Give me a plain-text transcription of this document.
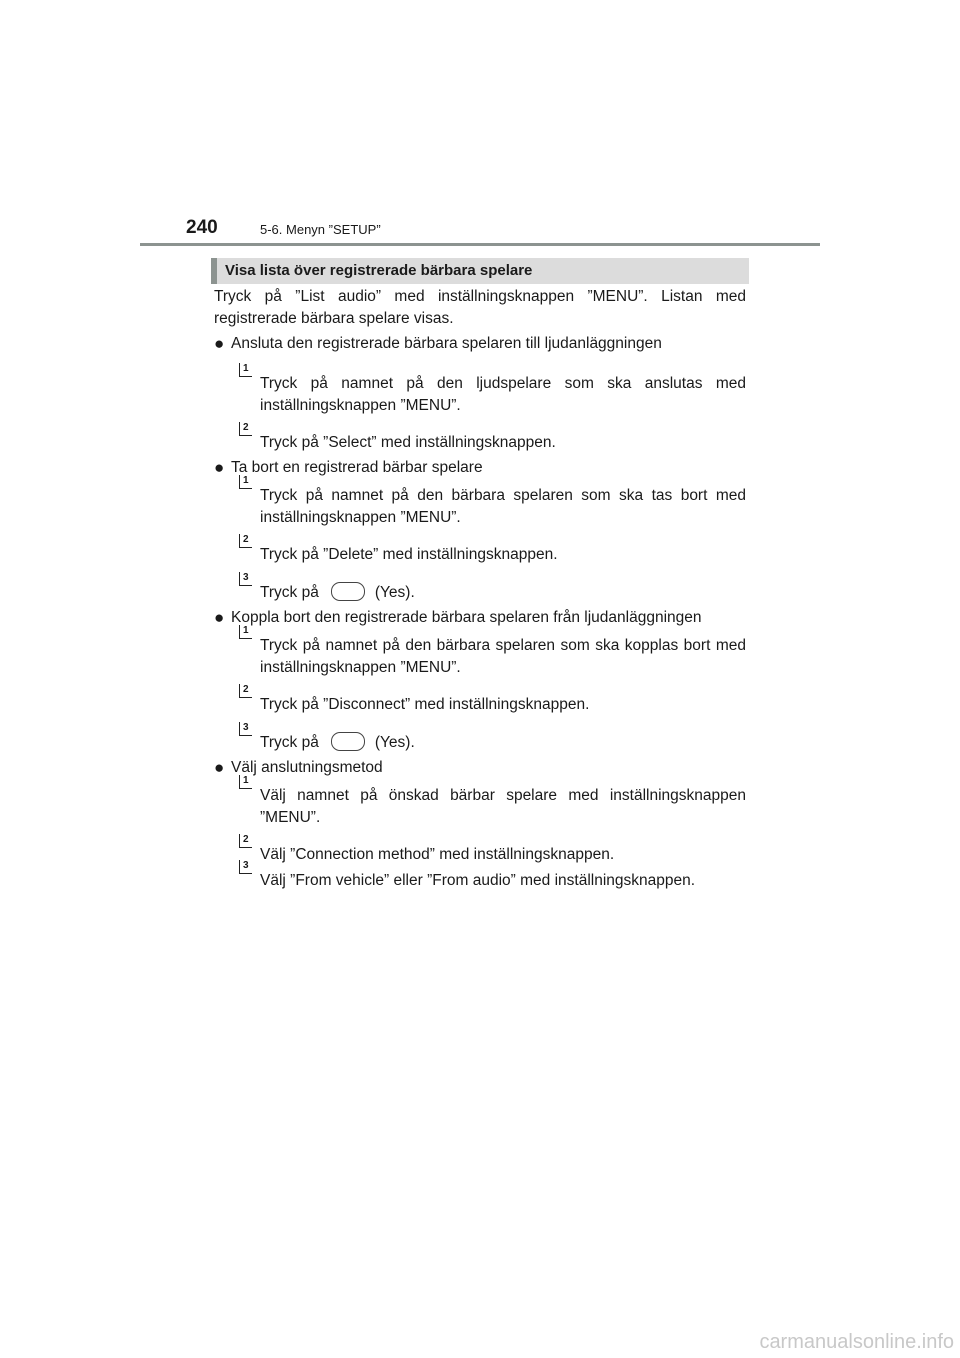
240	5-6. Menyn ”SETUP”
Visa lista över registrerade bärbara spelare

Tryck på ”List audio” med inställningsknappen ”MENU”. Listan med registrerade bärbara spelare visas.

● Ansluta den registrerade bärbara spelaren till ljudanläggningen
1
Tryck på namnet på den ljudspelare som ska anslutas med inställningsknappen ”MENU”.
2
Tryck på ”Select” med inställningsknappen.
● Ta bort en registrerad bärbar spelare
1
Tryck på namnet på den bärbara spelaren som ska tas bort med inställningsknappen ”MENU”.
2
Tryck på ”Delete” med inställningsknappen.
3
Tryck på	(Yes).
● Koppla bort den registrerade bärbara spelaren från ljudanläggningen
1
Tryck på namnet på den bärbara spelaren som ska kopplas bort med inställningsknappen ”MENU”.
2
Tryck på ”Disconnect” med inställningsknappen.
3
Tryck på	(Yes).
● Välj anslutningsmetod
1
Välj namnet på önskad bärbar spelare med inställningsknappen ”MENU”.
2
Välj ”Connection method” med inställningsknappen.
3
Välj ”From vehicle” eller ”From audio” med inställningsknappen.
carmanualsonline.info
